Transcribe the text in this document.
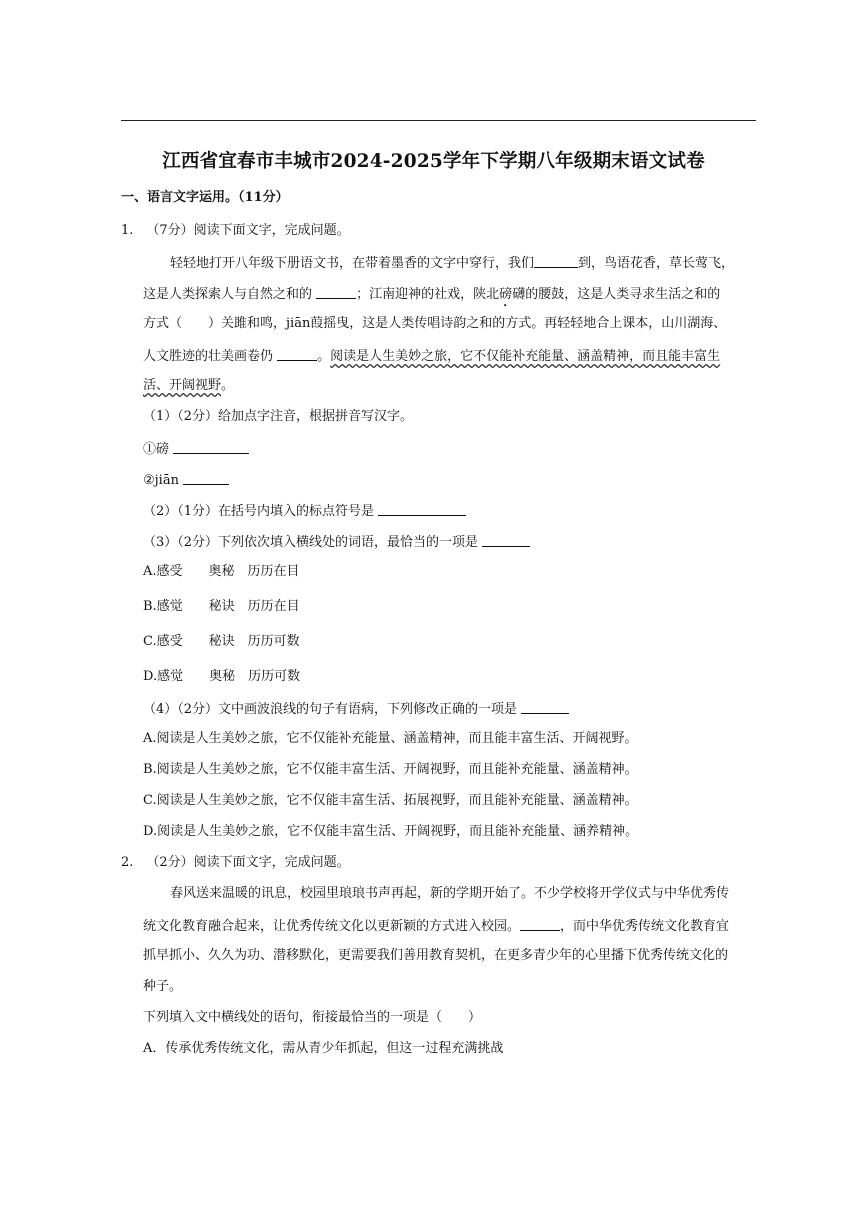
江西省宜春市丰城市2024-2025学年下学期八年级期末语文试卷
一、语言文字运用。（11分）
1. （7分）阅读下面文字，完成问题。
轻轻地打开八年级下册语文书，在带着墨香的文字中穿行，我们	到，鸟语花香，草长莺飞，
这是人类探索人与自然之和的	；江南迎神的社戏，陕北磅礴的腰鼓，这是人类寻求生活之和的
方式（　　）关雎和鸣，jiān葭摇曳，这是人类传唱诗韵之和的方式。再轻轻地合上课本，山川湖海、
人文胜迹的壮美画卷仍	。阅读是人生美妙之旅，它不仅能补充能量、涵盖精神，而且能丰富生
活、开阔视野。
（1）（2分）给加点字注音，根据拼音写汉字。
①磅
②jiān
（2）（1分）在括号内填入的标点符号是
（3）（2分）下列依次填入横线处的词语，最恰当的一项是
A.感受　　奥秘　历历在目
B.感觉　　秘诀　历历在目
C.感受　　秘诀　历历可数
D.感觉　　奥秘　历历可数
（4）（2分）文中画波浪线的句子有语病，下列修改正确的一项是
A.阅读是人生美妙之旅，它不仅能补充能量、涵盖精神，而且能丰富生活、开阔视野。
B.阅读是人生美妙之旅，它不仅能丰富生活、开阔视野，而且能补充能量、涵盖精神。
C.阅读是人生美妙之旅，它不仅能丰富生活、拓展视野，而且能补充能量、涵盖精神。
D.阅读是人生美妙之旅，它不仅能丰富生活、开阔视野，而且能补充能量、涵养精神。
2. （2分）阅读下面文字，完成问题。
春风送来温暖的讯息，校园里琅琅书声再起，新的学期开始了。不少学校将开学仪式与中华优秀传
统文化教育融合起来，让优秀传统文化以更新颖的方式进入校园。	，而中华优秀传统文化教育宜
抓早抓小、久久为功、潜移默化，更需要我们善用教育契机，在更多青少年的心里播下优秀传统文化的
种子。
下列填入文中横线处的语句，衔接最恰当的一项是（　　）
A．传承优秀传统文化，需从青少年抓起，但这一过程充满挑战
